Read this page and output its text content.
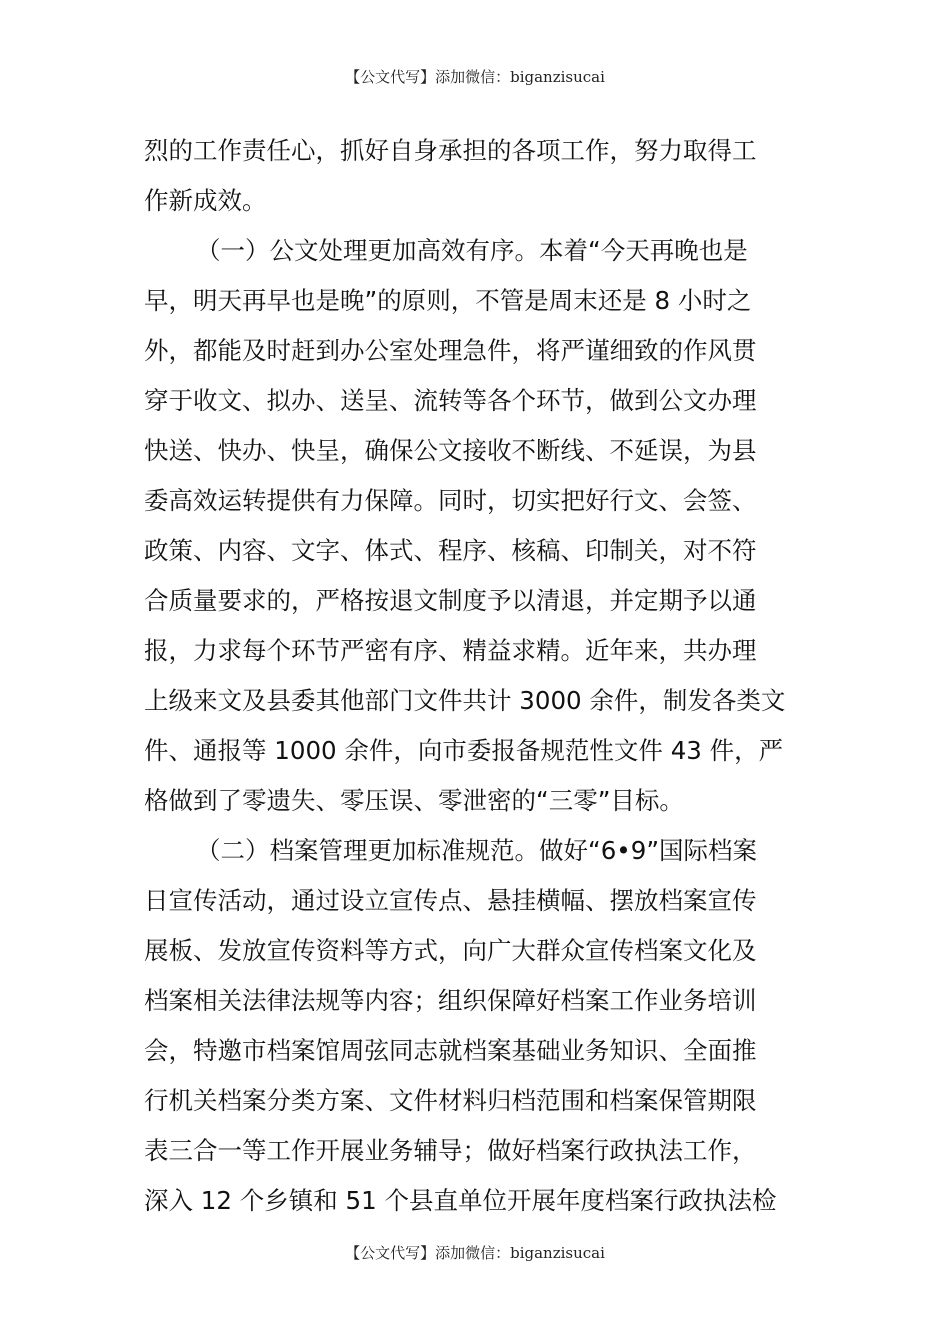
【公文代写】添加微信：biganzisucai
烈的工作责任心，抓好自身承担的各项工作，努力取得工
作新成效。
（一）公文处理更加高效有序。本着“今天再晚也是
早，明天再早也是晚”的原则，不管是周末还是 8 小时之
外，都能及时赶到办公室处理急件，将严谨细致的作风贯
穿于收文、拟办、送呈、流转等各个环节，做到公文办理
快送、快办、快呈，确保公文接收不断线、不延误，为县
委高效运转提供有力保障。同时，切实把好行文、会签、
政策、内容、文字、体式、程序、核稿、印制关，对不符
合质量要求的，严格按退文制度予以清退，并定期予以通
报，力求每个环节严密有序、精益求精。近年来，共办理
上级来文及县委其他部门文件共计 3000 余件，制发各类文
件、通报等 1000 余件，向市委报备规范性文件 43 件，严
格做到了零遗失、零压误、零泄密的“三零”目标。
（二）档案管理更加标准规范。做好“6•9”国际档案
日宣传活动，通过设立宣传点、悬挂横幅、摆放档案宣传
展板、发放宣传资料等方式，向广大群众宣传档案文化及
档案相关法律法规等内容；组织保障好档案工作业务培训
会，特邀市档案馆周弦同志就档案基础业务知识、全面推
行机关档案分类方案、文件材料归档范围和档案保管期限
表三合一等工作开展业务辅导；做好档案行政执法工作，
深入 12 个乡镇和 51 个县直单位开展年度档案行政执法检
【公文代写】添加微信：biganzisucai
